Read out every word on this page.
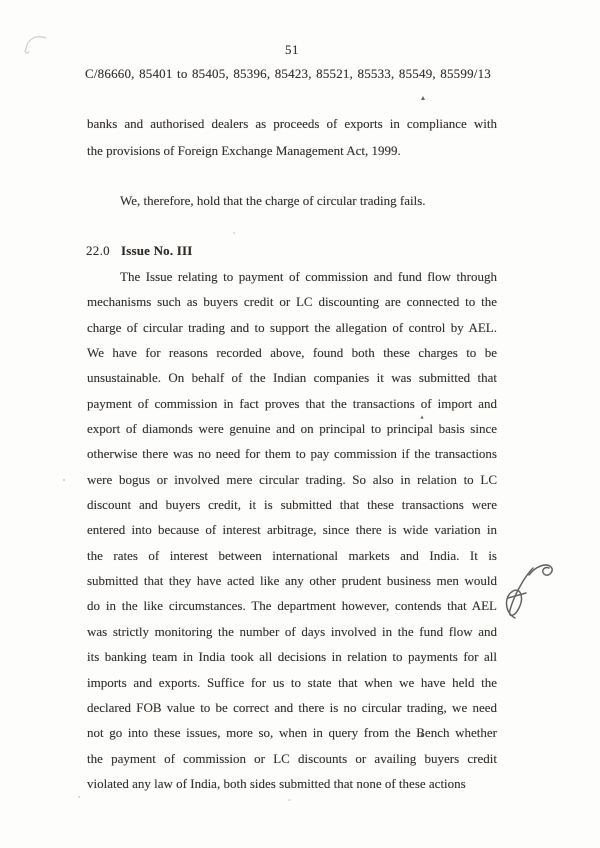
51
C/86660, 85401 to 85405, 85396, 85423, 85521, 85533, 85549, 85599/13
banks and authorised dealers as proceeds of exports in compliance with
the provisions of Foreign Exchange Management Act, 1999.
We, therefore, hold that the charge of circular trading fails.
22.0 Issue No. III
The Issue relating to payment of commission and fund flow through
mechanisms such as buyers credit or LC discounting are connected to the
charge of circular trading and to support the allegation of control by AEL.
We have for reasons recorded above, found both these charges to be
unsustainable. On behalf of the Indian companies it was submitted that
payment of commission in fact proves that the transactions of import and
export of diamonds were genuine and on principal to principal basis since
otherwise there was no need for them to pay commission if the transactions
were bogus or involved mere circular trading. So also in relation to LC
discount and buyers credit, it is submitted that these transactions were
entered into because of interest arbitrage, since there is wide variation in
the rates of interest between international markets and India. It is
submitted that they have acted like any other prudent business men would
do in the like circumstances. The department however, contends that AEL
was strictly monitoring the number of days involved in the fund flow and
its banking team in India took all decisions in relation to payments for all
imports and exports. Suffice for us to state that when we have held the
declared FOB value to be correct and there is no circular trading, we need
not go into these issues, more so, when in query from the Bench whether
the payment of commission or LC discounts or availing buyers credit
violated any law of India, both sides submitted that none of these actions
